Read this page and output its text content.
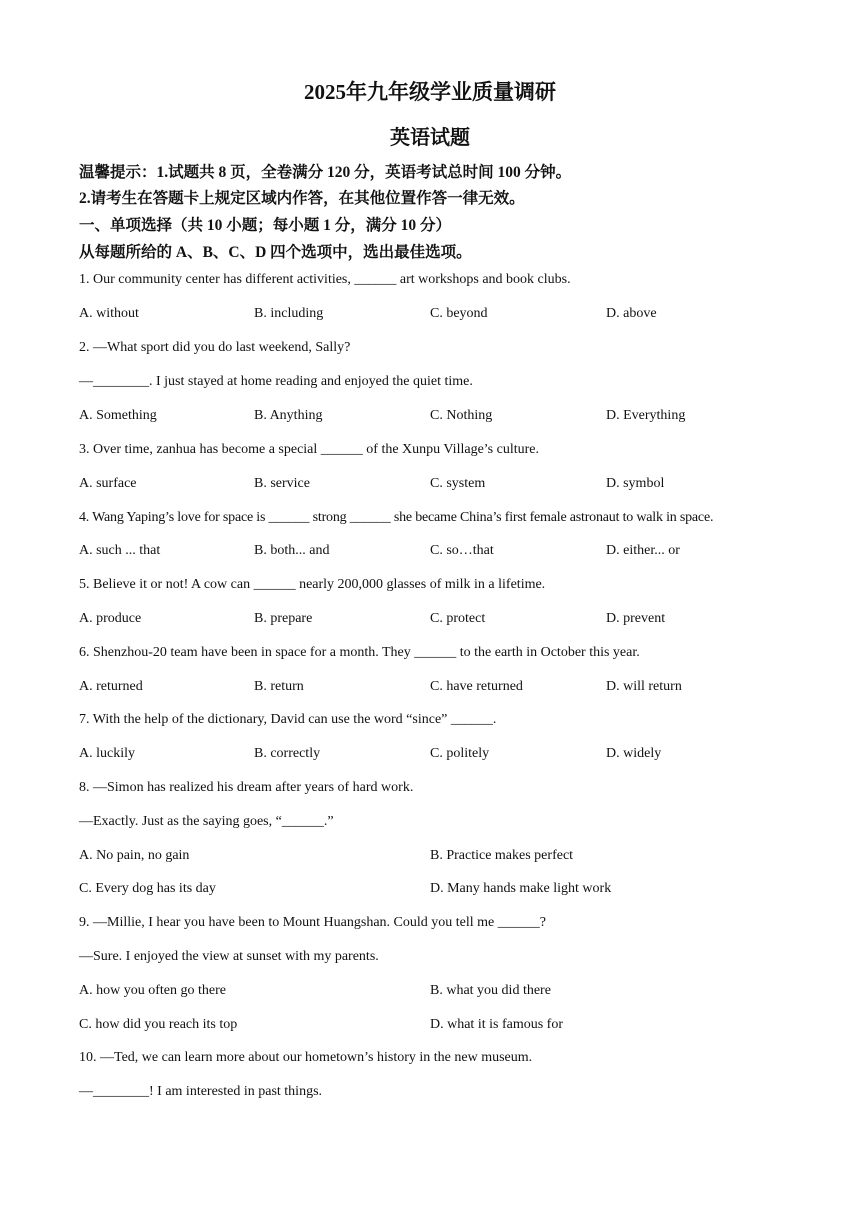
2025年九年级学业质量调研
英语试题
温馨提示：1.试题共 8 页，全卷满分 120 分，英语考试总时间 100 分钟。
2.请考生在答题卡上规定区域内作答，在其他位置作答一律无效。
一、单项选择（共 10 小题；每小题 1 分，满分 10 分）
从每题所给的 A、B、C、D 四个选项中，选出最佳选项。
1. Our community center has different activities, ______ art workshops and book clubs.
A. without	B. including	C. beyond	D. above
2. —What sport did you do last weekend, Sally?
—________. I just stayed at home reading and enjoyed the quiet time.
A. Something	B. Anything	C. Nothing	D. Everything
3. Over time, zanhua has become a special ______ of the Xunpu Village’s culture.
A. surface	B. service	C. system	D. symbol
4. Wang Yaping’s love for space is ______ strong ______ she became China’s first female astronaut to walk in space.
A. such ... that	B. both... and	C. so…that	D. either... or
5. Believe it or not! A cow can ______ nearly 200,000 glasses of milk in a lifetime.
A. produce	B. prepare	C. protect	D. prevent
6. Shenzhou-20 team have been in space for a month. They ______ to the earth in October this year.
A. returned	B. return	C. have returned	D. will return
7. With the help of the dictionary, David can use the word “since” ______.
A. luckily	B. correctly	C. politely	D. widely
8. —Simon has realized his dream after years of hard work.
—Exactly. Just as the saying goes, “______.”
A. No pain, no gain	B. Practice makes perfect
C. Every dog has its day	D. Many hands make light work
9. —Millie, I hear you have been to Mount Huangshan. Could you tell me ______?
—Sure. I enjoyed the view at sunset with my parents.
A. how you often go there	B. what you did there
C. how did you reach its top	D. what it is famous for
10. —Ted, we can learn more about our hometown’s history in the new museum.
—________! I am interested in past things.
